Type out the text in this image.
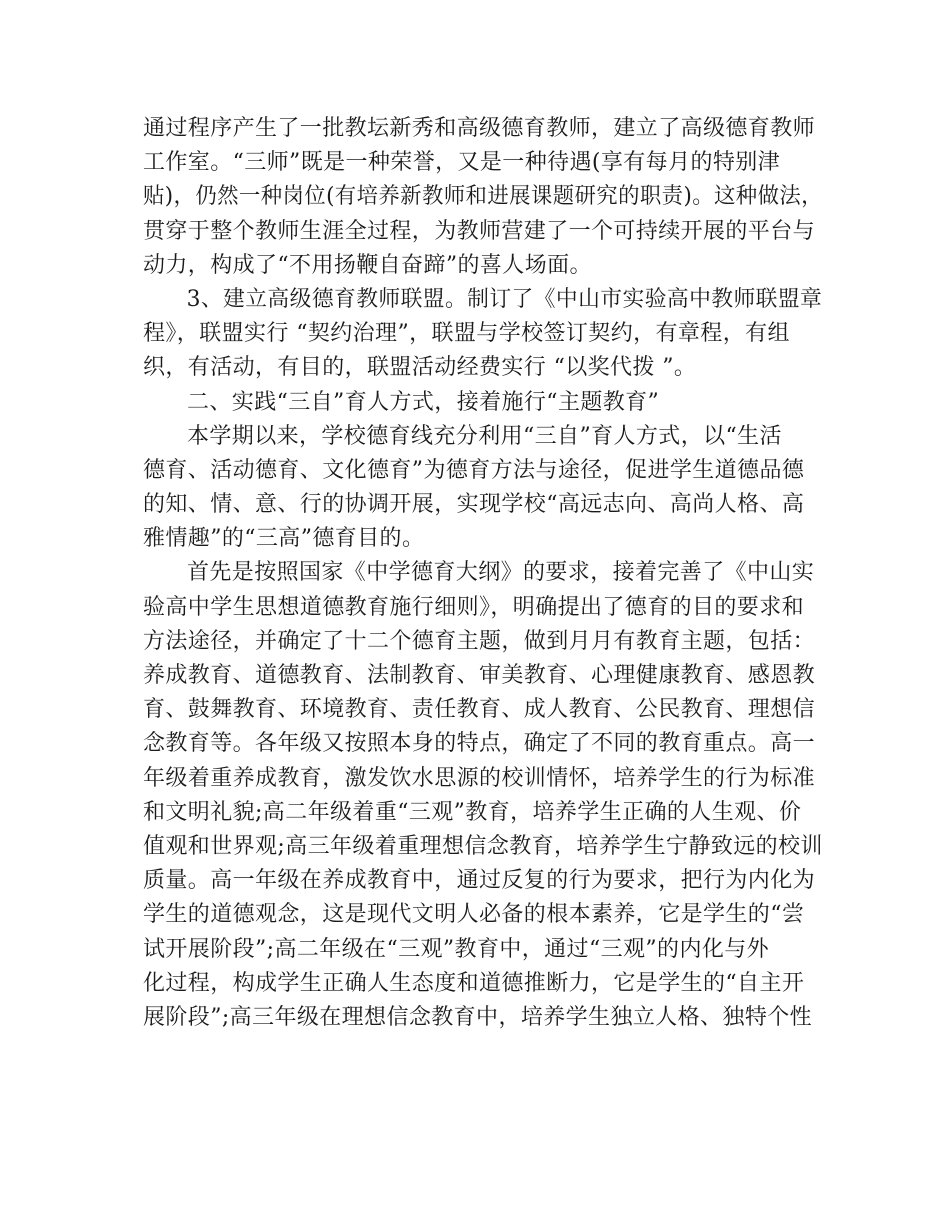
通过程序产生了一批教坛新秀和高级德育教师，建立了高级德育教师
工作室。“三师”既是一种荣誉，又是一种待遇(享有每月的特别津
贴)，仍然一种岗位(有培养新教师和进展课题研究的职责)。这种做法，
贯穿于整个教师生涯全过程，为教师营建了一个可持续开展的平台与
动力，构成了“不用扬鞭自奋蹄”的喜人场面。
3、建立高级德育教师联盟。制订了《中山市实验高中教师联盟章
程》，联盟实行 “契约治理”，联盟与学校签订契约，有章程，有组
织，有活动，有目的，联盟活动经费实行 “以奖代拨 ”。
二、实践“三自”育人方式，接着施行“主题教育”
本学期以来，学校德育线充分利用“三自”育人方式，以“生活
德育、活动德育、文化德育”为德育方法与途径，促进学生道德品德
的知、情、意、行的协调开展，实现学校“高远志向、高尚人格、高
雅情趣”的“三高”德育目的。
首先是按照国家《中学德育大纲》的要求，接着完善了《中山实
验高中学生思想道德教育施行细则》，明确提出了德育的目的要求和
方法途径，并确定了十二个德育主题，做到月月有教育主题，包括：
养成教育、道德教育、法制教育、审美教育、心理健康教育、感恩教
育、鼓舞教育、环境教育、责任教育、成人教育、公民教育、理想信
念教育等。各年级又按照本身的特点，确定了不同的教育重点。高一
年级着重养成教育，激发饮水思源的校训情怀，培养学生的行为标准
和文明礼貌;高二年级着重“三观”教育，培养学生正确的人生观、价
值观和世界观;高三年级着重理想信念教育，培养学生宁静致远的校训
质量。高一年级在养成教育中，通过反复的行为要求，把行为内化为
学生的道德观念，这是现代文明人必备的根本素养，它是学生的“尝
试开展阶段”;高二年级在“三观”教育中，通过“三观”的内化与外
化过程，构成学生正确人生态度和道德推断力，它是学生的“自主开
展阶段”;高三年级在理想信念教育中，培养学生独立人格、独特个性
